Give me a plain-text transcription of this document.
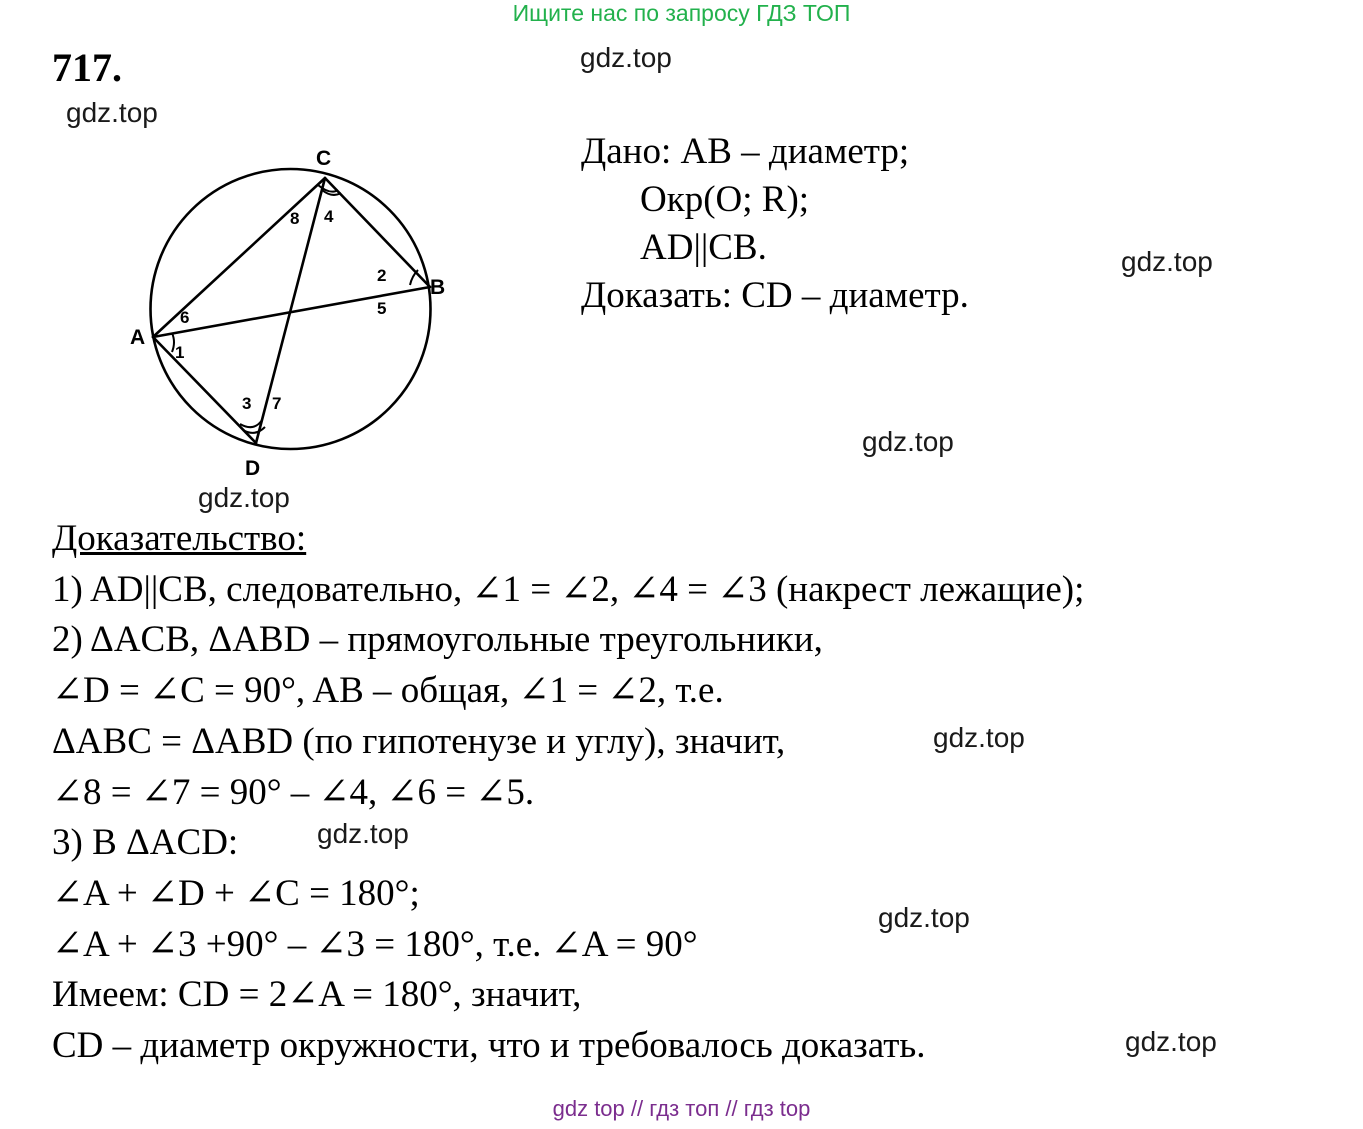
Ищите нас по запросу ГДЗ ТОП
717.	gdz.top
gdz.top
gdz.top
gdz.top
gdz.top
gdz.top
gdz.top
gdz.top
gdz.top
C
B
A
D
1
2
3
4
5
6
7
8
Дано: AB – диаметр;
Окр(O; R);
AD||CB.
Доказать: CD – диаметр.
Доказательство:
1) AD||CB, следовательно, ∠1 = ∠2, ∠4 = ∠3 (накрест лежащие);
2) ΔACB, ΔABD – прямоугольные треугольники,
∠D = ∠C = 90°, AB – общая, ∠1 = ∠2, т.е.
ΔABC = ΔABD (по гипотенузе и углу), значит,
∠8 = ∠7 = 90° – ∠4, ∠6 = ∠5.
3) В ΔACD:
∠A + ∠D + ∠C = 180°;
∠A + ∠3 +90° – ∠3 = 180°, т.е. ∠A = 90°
Имеем: CD = 2∠A = 180°, значит,
CD – диаметр окружности, что и требовалось доказать.
gdz top // гдз топ // гдз top
